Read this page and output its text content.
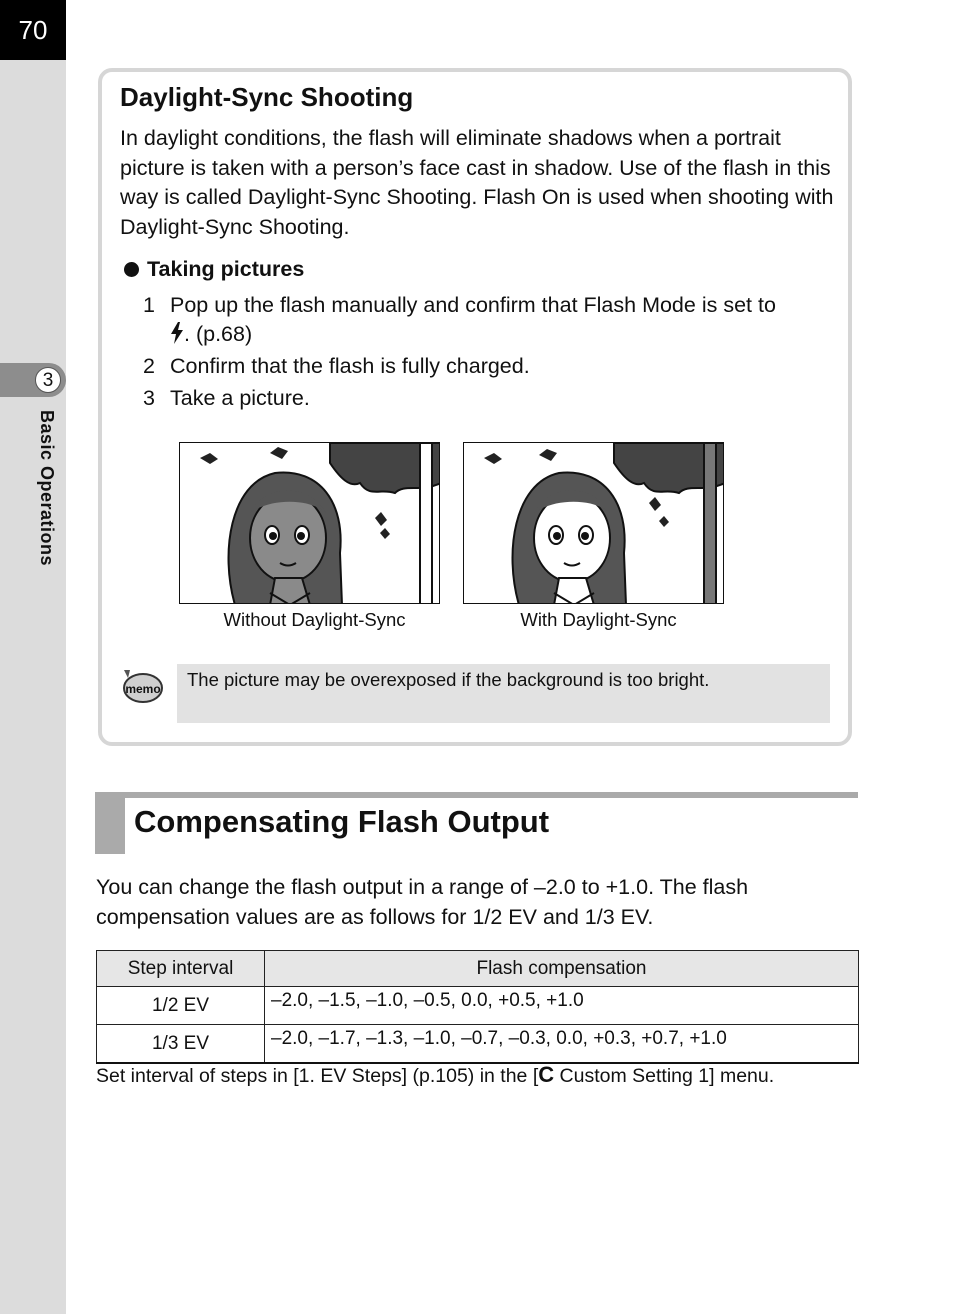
70
3
Basic Operations
Daylight-Sync Shooting
In daylight conditions, the flash will eliminate shadows when a portrait picture is taken with a person’s face cast in shadow. Use of the flash in this way is called Daylight-Sync Shooting. Flash On is used when shooting with Daylight-Sync Shooting.
Taking pictures
1 Pop up the flash manually and confirm that Flash Mode is set to
. (p.68)
2 Confirm that the flash is fully charged.
3 Take a picture.
Without Daylight-Sync	With Daylight-Sync
memo	The picture may be overexposed if the background is too bright.
Compensating Flash Output
You can change the flash output in a range of –2.0 to +1.0. The flash compensation values are as follows for 1/2 EV and 1/3 EV.
Step interval	Flash compensation
1/2 EV	–2.0, –1.5, –1.0, –0.5, 0.0, +0.5, +1.0
1/3 EV	–2.0, –1.7, –1.3, –1.0, –0.7, –0.3, 0.0, +0.3, +0.7, +1.0
Set interval of steps in [1. EV Steps] (p.105) in the [C Custom Setting 1] menu.
